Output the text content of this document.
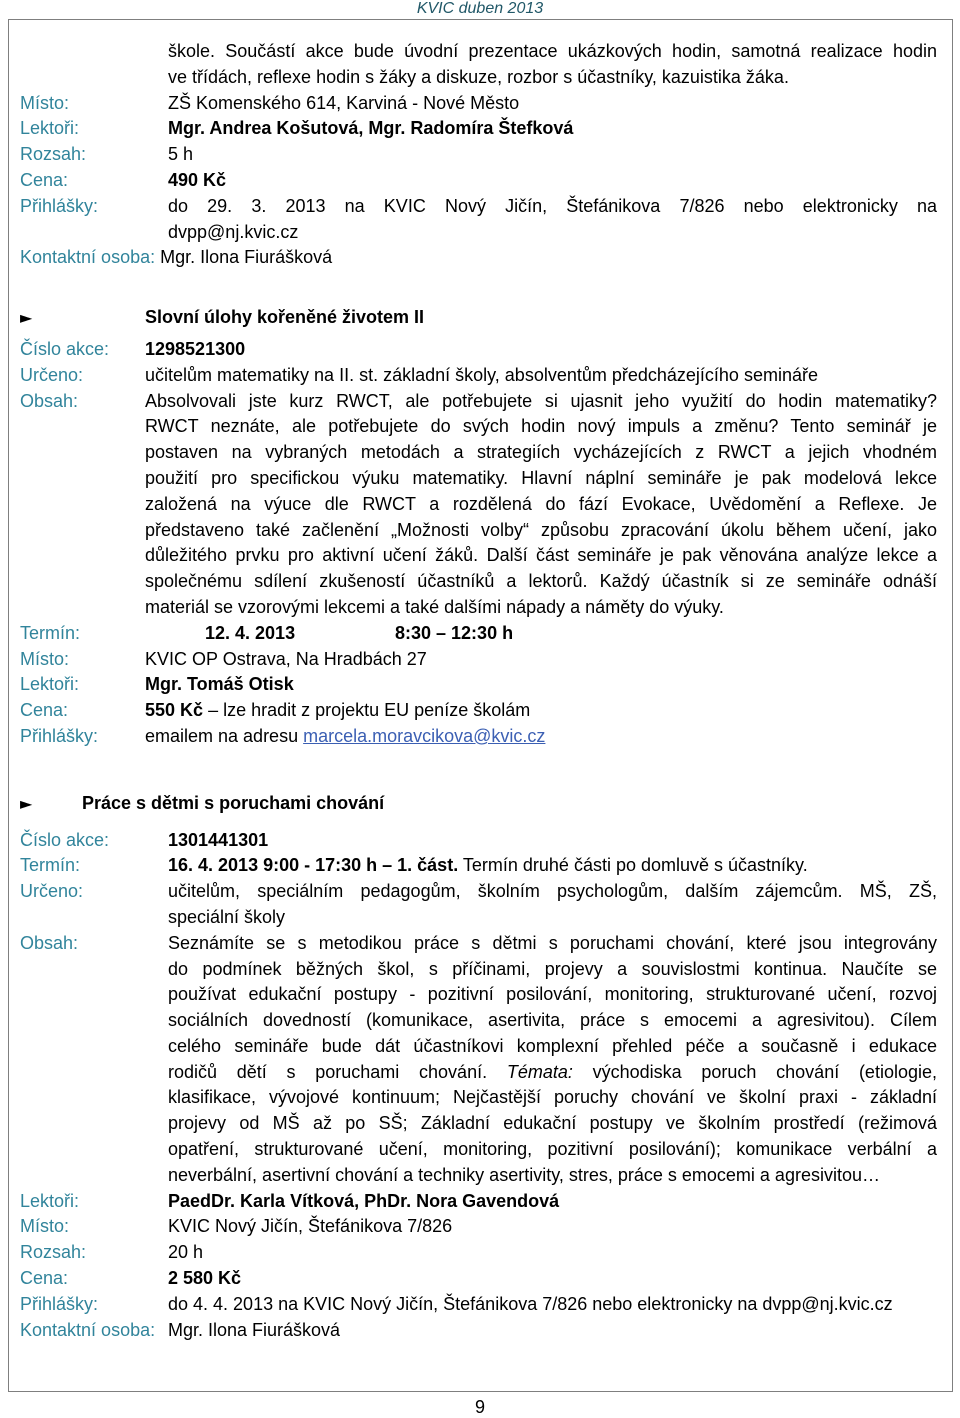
KVIC duben 2013
škole. Součástí akce bude úvodní prezentace ukázkových hodin, samotná realizace hodin
ve třídách, reflexe hodin s žáky a diskuze, rozbor s účastníky, kazuistika žáka.
Místo:	ZŠ Komenského 614, Karviná - Nové Město
Lektoři:	Mgr. Andrea Košutová, Mgr. Radomíra Štefková
Rozsah:	5 h
Cena:	490 Kč
Přihlášky:	do 29. 3. 2013 na KVIC Nový Jičín, Štefánikova 7/826 nebo elektronicky na
dvpp@nj.kvic.cz
Kontaktní osoba: Mgr. Ilona Fiurášková
►	Slovní úlohy kořeněné životem II
Číslo akce: 1298521300
Určeno:	učitelům matematiky na II. st. základní školy, absolventům předcházejícího semináře
Obsah:	Absolvovali jste kurz RWCT, ale potřebujete si ujasnit jeho využití do hodin matematiky?
RWCT neznáte, ale potřebujete do svých hodin nový impuls a změnu? Tento seminář je
postaven na vybraných metodách a strategiích vycházejících z RWCT a jejich vhodném
použití pro specifickou výuku matematiky. Hlavní náplní semináře je pak modelová lekce
založená na výuce dle RWCT a rozdělená do fází Evokace, Uvědomění a Reflexe. Je
představeno také začlenění „Možnosti volby“ způsobu zpracování úkolu během učení, jako
důležitého prvku pro aktivní učení žáků. Další část semináře je pak věnována analýze lekce a
společnému sdílení zkušeností účastníků a lektorů. Každý účastník si ze semináře odnáší
materiál se vzorovými lekcemi a také dalšími nápady a náměty do výuky.
Termín:	12. 4. 2013	8:30 – 12:30 h
Místo:	KVIC OP Ostrava, Na Hradbách 27
Lektoři:	Mgr. Tomáš Otisk
Cena:	550 Kč – lze hradit z projektu EU peníze školám
Přihlášky:	emailem na adresu marcela.moravcikova@kvic.cz
►	Práce s dětmi s poruchami chování
Číslo akce:	1301441301
Termín:	16. 4. 2013 9:00 - 17:30 h – 1. část. Termín druhé části po domluvě s účastníky.
Určeno:	učitelům, speciálním pedagogům, školním psychologům, dalším zájemcům. MŠ, ZŠ,
speciální školy
Obsah:	Seznámíte se s metodikou práce s dětmi s poruchami chování, které jsou integrovány
do podmínek běžných škol, s příčinami, projevy a souvislostmi kontinua. Naučíte se
používat edukační postupy - pozitivní posilování, monitoring, strukturované učení, rozvoj
sociálních dovedností (komunikace, asertivita, práce s emocemi a agresivitou). Cílem
celého semináře bude dát účastníkovi komplexní přehled péče a současně i edukace
rodičů dětí s poruchami chování. Témata: východiska poruch chování (etiologie,
klasifikace, vývojové kontinuum; Nejčastější poruchy chování ve školní praxi - základní
projevy od MŠ až po SŠ; Základní edukační postupy ve školním prostředí (režimová
opatření, strukturované učení, monitoring, pozitivní posilování); komunikace verbální a
neverbální, asertivní chování a techniky asertivity, stres, práce s emocemi a agresivitou…
Lektoři:	PaedDr. Karla Vítková, PhDr. Nora Gavendová
Místo:	KVIC Nový Jičín, Štefánikova 7/826
Rozsah:	20 h
Cena:	2 580 Kč
Přihlášky:	do 4. 4. 2013 na KVIC Nový Jičín, Štefánikova 7/826 nebo elektronicky na dvpp@nj.kvic.cz
Kontaktní osoba: Mgr. Ilona Fiurášková
9
